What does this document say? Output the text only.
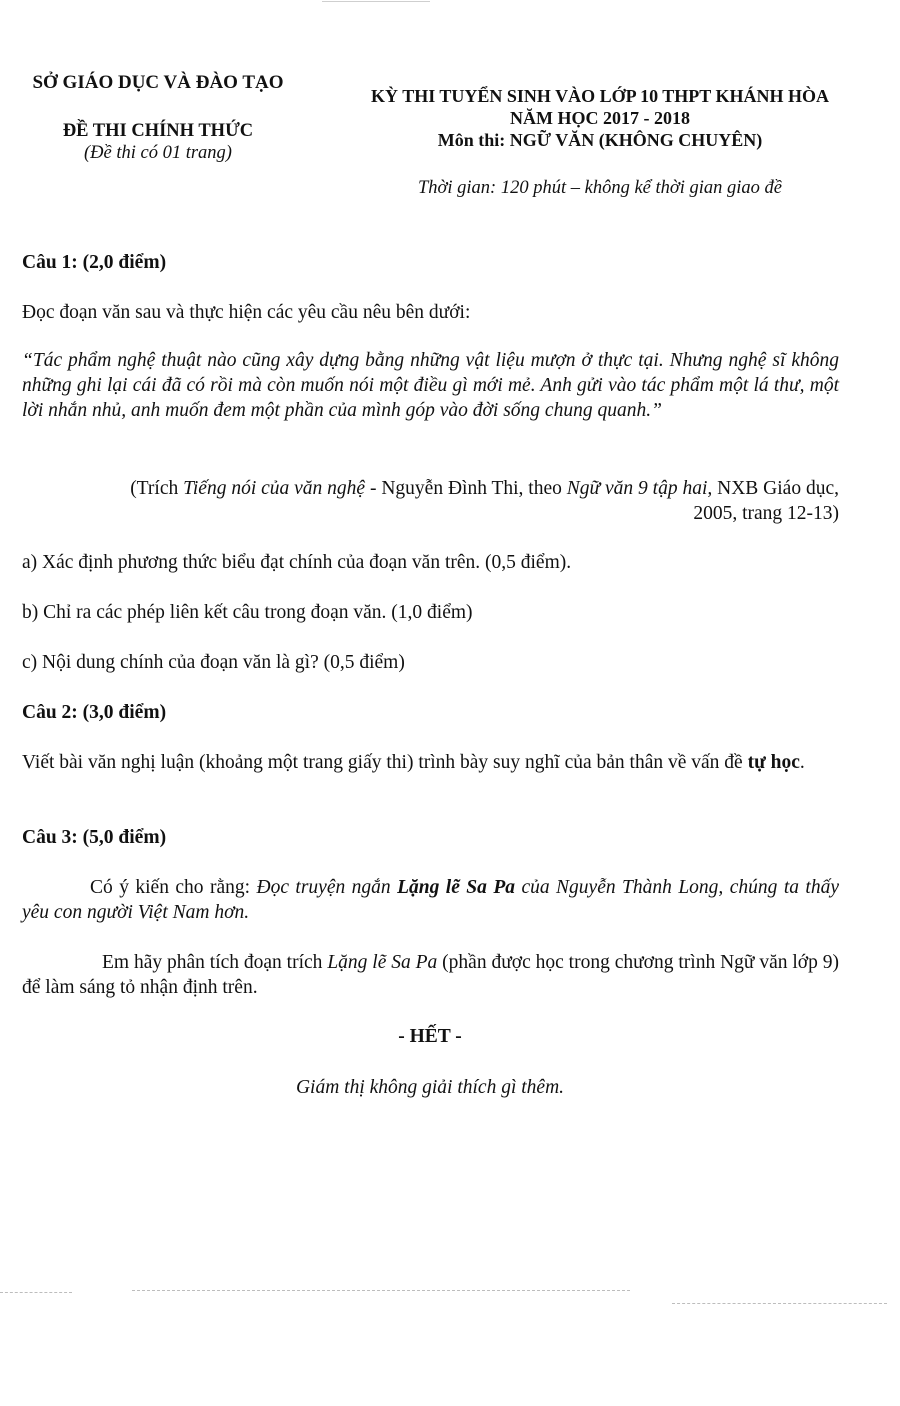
SỞ GIÁO DỤC VÀ ĐÀO TẠO
ĐỀ THI CHÍNH THỨC
(Đề thi có 01 trang)
KỲ THI TUYỂN SINH VÀO LỚP 10 THPT KHÁNH HÒA
NĂM HỌC 2017 - 2018
Môn thi: NGỮ VĂN (KHÔNG CHUYÊN)
Thời gian: 120 phút – không kể thời gian giao đề
Câu 1: (2,0 điểm)
Đọc đoạn văn sau và thực hiện các yêu cầu nêu bên dưới:
“Tác phẩm nghệ thuật nào cũng xây dựng bằng những vật liệu mượn ở thực tại. Nhưng nghệ sĩ không những ghi lại cái đã có rồi mà còn muốn nói một điều gì mới mẻ. Anh gửi vào tác phẩm một lá thư, một lời nhắn nhủ, anh muốn đem một phần của mình góp vào đời sống chung quanh.”
(Trích Tiếng nói của văn nghệ - Nguyễn Đình Thi, theo Ngữ văn 9 tập hai, NXB Giáo dục,
2005, trang 12-13)
a) Xác định phương thức biểu đạt chính của đoạn văn trên. (0,5 điểm).
b) Chỉ ra các phép liên kết câu trong đoạn văn. (1,0 điểm)
c) Nội dung chính của đoạn văn là gì? (0,5 điểm)
Câu 2: (3,0 điểm)
Viết bài văn nghị luận (khoảng một trang giấy thi) trình bày suy nghĩ của bản thân về vấn đề tự học.
Câu 3: (5,0 điểm)
Có ý kiến cho rằng: Đọc truyện ngắn Lặng lẽ Sa Pa của Nguyễn Thành Long, chúng ta thấy yêu con người Việt Nam hơn.
Em hãy phân tích đoạn trích Lặng lẽ Sa Pa (phần được học trong chương trình Ngữ văn lớp 9) để làm sáng tỏ nhận định trên.
- HẾT -
Giám thị không giải thích gì thêm.
